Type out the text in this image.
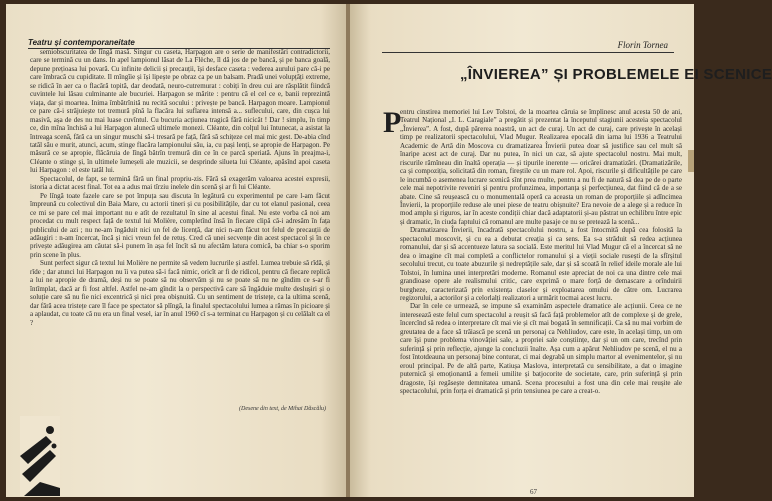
Teatru și contemporaneitate

semiobscuritatea de lîngă masă. Singur cu caseta, Harpagon are o serie de manifestări contradictorii, care se termină cu un dans. In apel lampionul lăsat de La Flèche, îl dă jos de pe bancă, și pe banca goală, depune prețioasa lui povară. Cu infinite delicii și precauții, își desface caseta : vederea aurului pare că-i pe care îmbracă cu cupiditate. Il mîngîie și își lipește pe obraz ca pe un balsam. Pradă unei volupțăți extreme, se ridică în aer ca o flacără topită, dar deodată, neuro-cutremurat : cobiți în dreu cui are răsplătit fiindcă cuvintele lui lăsau culminante ale bucuriei. Harpagon se mărite : pentru că el cel ce e, banii reprezintă viața, dar și moartea. Inima îmbătrînită nu recită socului : privește pe bancă. Harpagon moare. Lampionul ce pare că-i străjuiește tot tremură pînă la flacăra lui suflarea intensă a... suflecului, care, din cușca lui masivă, așa de des nu mai luase cuvîntul. Cu bucuria acțiunea tragică fără nicicât ! Dar ! simplu, în timp ce, din mîna închisă a lui Harpagon alunecă ultimele monezi. Cléante, din colțul lui întunecat, a asistat la întreaga scenă, fără ca un singur muschi să-i tresară pe față, fără să schițeze cel mai mic gest. De-abia cînd tatăl său e murit, atunci, acum, stinge flacăra lampionului său, ia, cu pași lenți, se apropie de Harpagon. Pe măsură ce se apropie, flăcăruia de lîngă bătrîn tremură din ce în ce parcă speriată. Ajuns în preajma-i, Cléante o stinge și, în ultimele îumeșeli ale muzicii, se desprinde silueta lui Cléante, apăsînd apoi caseta lui Harpagon : el este tatăl lui.

Spectacolul, de fapt, se termină fără un final propriu-zis. Fără să exagerăm valoarea acestei expresii, istoria a dictat acest final. Tot ea a adus mai tîrziu inelele din scenă și ar fi lui Cléante.

Pe lîngă toate fazele care se pot împuța sau discuta în legătură cu experimentul pe care l-am făcut împreună cu colectivul din Baia Mare, cu actorii tineri și cu posibilitățile, dar cu tot elanul pasional, ceea ce mi se pare cel mai important nu e atît de rezultatul în sine al acestui final. Nu este vorba că noi am procedat cu mult respect față de textul lui Molière, completînd însă în fiecare clipă că-i adresăm în fața publicului de azi ; nu ne-am îngăduit nici un fel de licență, dar nici n-am făcut tot felul de precauții de adăugiri : n-am încercat, încă și nici vreun fel de retuș. Cred că unei secvențe din acest spectacol și în ce privește adăugirea am căutat să-i punem în așa fel încît să nu afectăm latura comică, ba chiar s-o sporim prin scene în plus.

Sunt perfect sigur că textul lui Molière ne permite să vedem lucrurile și astfel. Lumea trebuie să rîdă, și rîde ; dar atunci lui Harpagon nu îi va putea să-i facă nimic, oricît ar fi de ridicol, pentru că fiecare replică a lui ne apropie de dramă, deși nu se poate să nu observăm și nu se poate să nu ne gîndim ce s-ar fi întîmplat, dacă ar fi fost altfel. Astfel ne-am gîndit la o perspectivă care să îngăduie multe deslușiri și o soluție care să nu fie nici excentrică și nici prea obișnuită. Cu un sentiment de tristețe, ca la ultima scenă, dar fără acea tristețe care îl face pe spectator să plîngă, la finalul spectacolului lumea a rămas în picioare și a aplaudat, cu toate că nu era un final vesel, iar în anul 1960 cî s-a terminat cu Harpagon și cu celălalt ca el ?

(Desene din text, de Mihai Dăscălu)
Florin Tornea
„ÎNVIEREA” ȘI PROBLEMELE EI SCENICE
P

entru cinstirea memoriei lui Lev Tolstoi, de la moartea căruia se împlinesc anul acesta 50 de ani, Teatrul Național „I. L. Caragiale” a pregătit și prezentat la începutul stagiunii acesteia spectacolul „Învierea”. A fost, după părerea noastră, un act de curaj. Un act de curaj, care privește în același timp pe realizatorii spectacolului, Vlad Mugur. Realizarea epocală din iarna lui 1936 a Teatrului Academic de Artă din Moscova cu dramatizarea Învierii putea doar să justifice sau cel mult să înaripe acest act de curaj. Dar nu putea, în nici un caz, să ajute spectacolul nostru. Mai mult, riscurile rămîneau din înaltă operația — și tipurile inerente — oricărei dramatizări. (Dramatizările, ca și compoziția, solicitată din roman, fireștile cu un mare rol. Apoi, riscurile și dificultățile pe care le incumbă o asemenea lucrare scenică sînt prea multe, pentru a nu fi de natură să dea pe de o parte cele mai nepotrivite reveniri și pentru profunzimea, importanța și perfecțiunea, dat fiind că de a se abate. Cine să reușească cu o monumentală operă ca aceasta un roman de proporțiile și adîncimea Învierii, la proporțiile reduse ale unei piese de teatru obișnuite? Era nevoie de a alege și a reduce în mod amplu și riguros, iar în aceste condiții chiar dacă adaptatorii și-au păstrat un echilibru între epic și dramatic, în ciuda faptului că romanul are multe pasaje ce nu se pretează la scenă...

Dramatizarea Învierii, încadrată spectacolului nostru, a fost întocmită după cea folosită la spectacolul moscovit, și cu ea a debutat creația și ca sens. Ea s-a străduit să redea acțiunea romanului, dar și să accentueze latura sa socială. Este meritul lui Vlad Mugur că el a încercat să ne dea o imagine cît mai completă a conflictelor romanului și a vieții sociale rusești de la sfîrșitul secolului trecut, cu toate abuzurile și nedreptățile sale, dar și să scoată în relief ideile morale ale lui Tolstoi, în lumina unei interpretări moderne. Romanul este apreciat de noi ca una dintre cele mai grandioase opere ale realismului critic, care exprimă o mare forță de demascare a orînduirii burgheze, caracterizată prin existența claselor și exploatarea omului de către om. Lucrarea regizorului, a actorilor și a celorlalți realizatori a urmărit tocmai acest lucru.

Dar în cele ce urmează, se impune să examinăm aspectele dramatice ale acțiunii. Ceea ce ne interesează este felul cum spectacolul a reușit să facă față problemelor atît de complexe și de grele, încercînd să redea o interpretare cît mai vie și cît mai bogată în semnificații. Ca să nu mai vorbim de greutatea de a face să trăiască pe scenă un personaj ca Nehliudov, care este, în același timp, un om care își pune problema vinovăției sale, a propriei sale conștiințe, dar și un om care, trecînd prin suferință și prin reflecție, ajunge la concluzii înalte. Așa cum a apărut Nehliudov pe scenă, el nu a fost întotdeauna un personaj bine conturat, ci mai degrabă un simplu martor al evenimentelor, și nu eroul principal. Pe de altă parte, Katiușa Maslova, interpretată cu sensibilitate, a dat o imagine puternică și emoționantă a femeii umilite și batjocorite de societate, care, prin suferință și prin dragoste, își regăsește demnitatea umană. Scena procesului a fost una din cele mai reușite ale spectacolului, prin forța ei dramatică și prin tensiunea pe care a creat-o.

67
